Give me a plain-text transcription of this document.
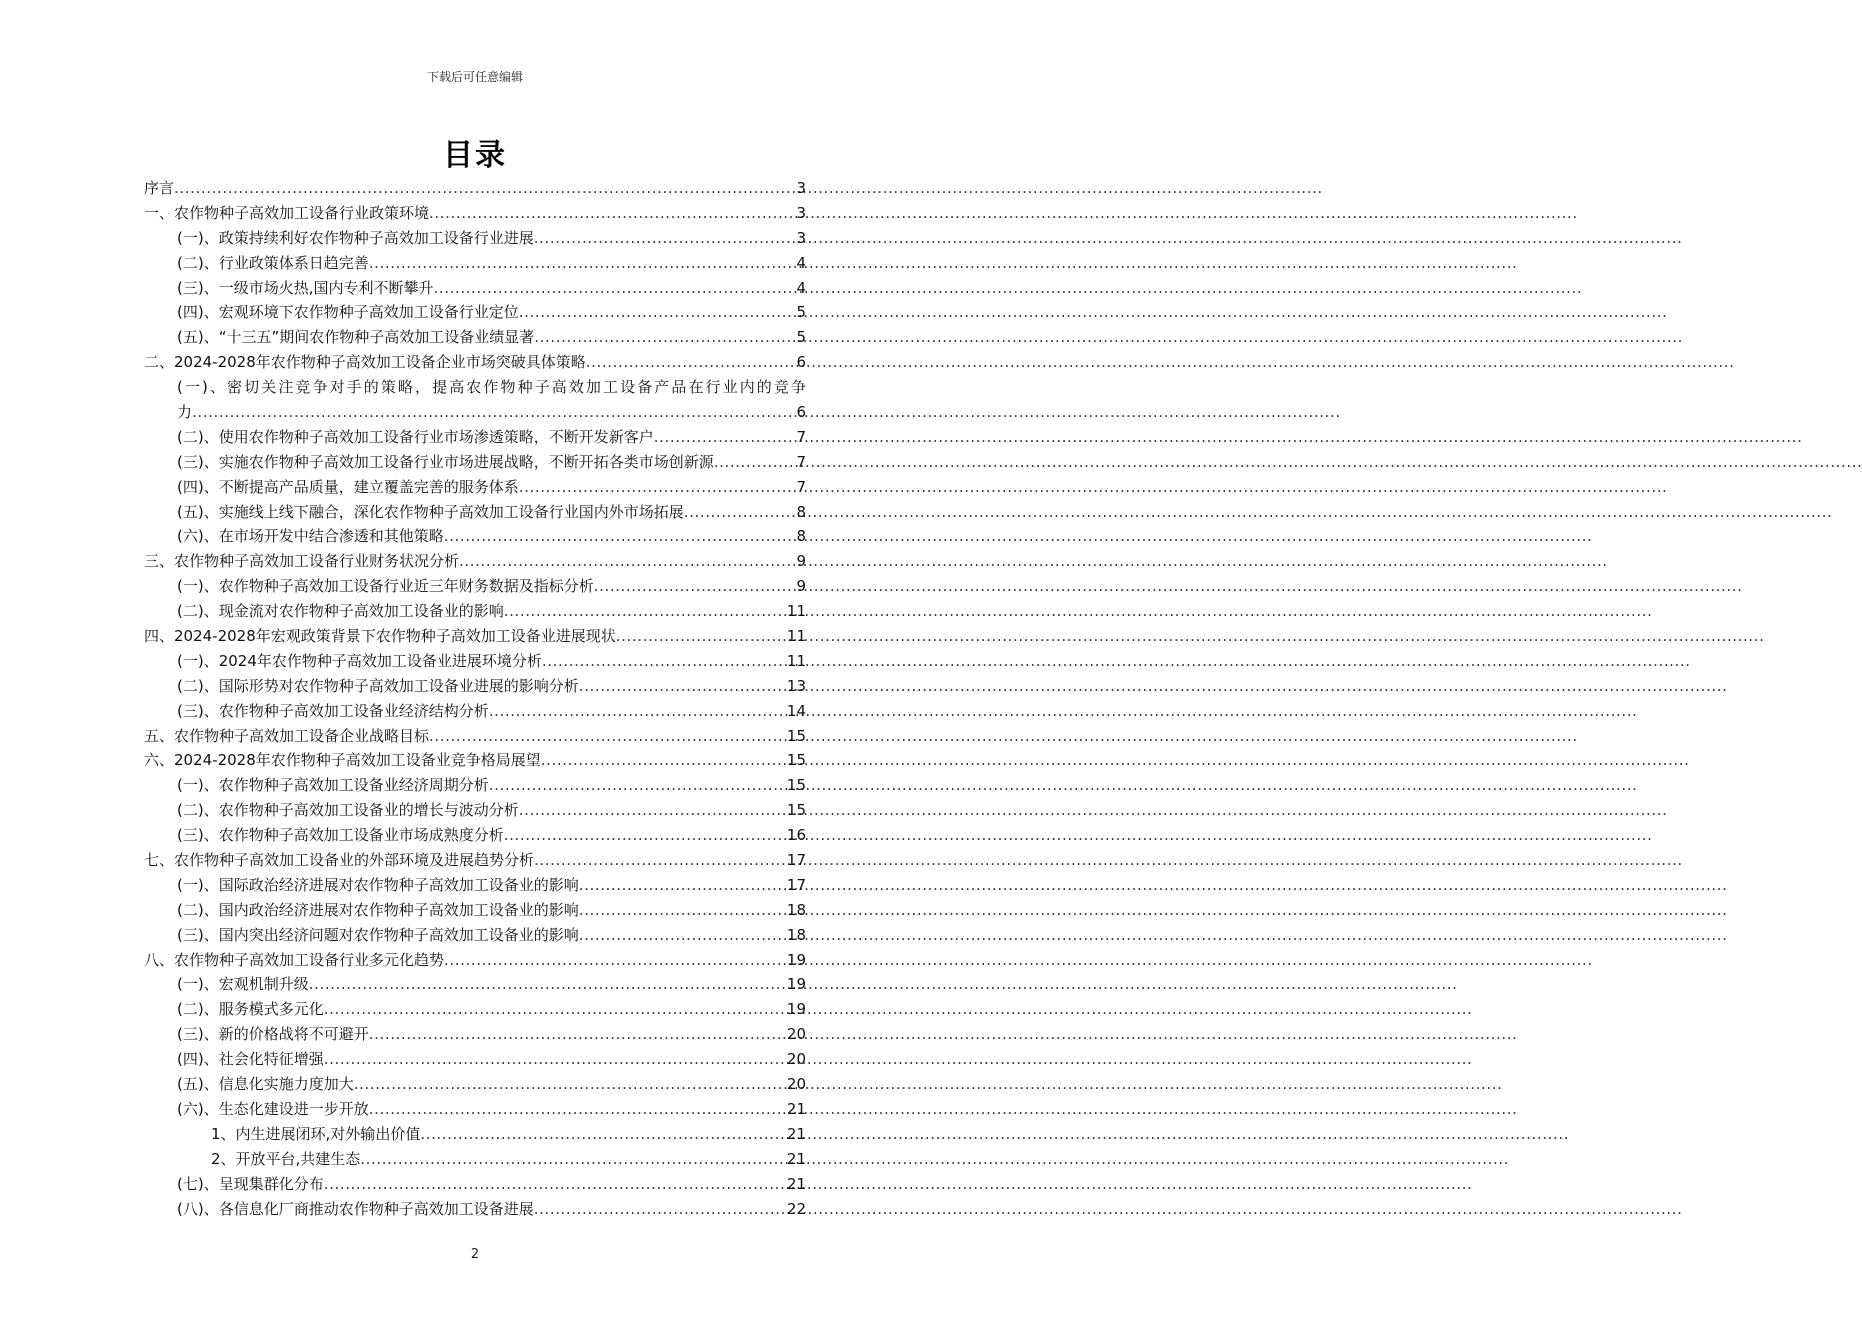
下载后可任意编辑
目录
序言 .....	3
一、农作物种子高效加工设备行业政策环境 .....	3
(一)、政策持续利好农作物种子高效加工设备行业进展 .....	3
(二)、行业政策体系日趋完善 .....	4
(三)、一级市场火热,国内专利不断攀升 .....	4
(四)、宏观环境下农作物种子高效加工设备行业定位 .....	5
(五)、“十三五”期间农作物种子高效加工设备业绩显著 .....	5
二、2024-2028年农作物种子高效加工设备企业市场突破具体策略 .....	6
(一)、密切关注竞争对手的策略，提高农作物种子高效加工设备产品在行业内的竞争
力 .....	6
(二)、使用农作物种子高效加工设备行业市场渗透策略，不断开发新客户 .....	7
(三)、实施农作物种子高效加工设备行业市场进展战略，不断开拓各类市场创新源 .....	7
(四)、不断提高产品质量，建立覆盖完善的服务体系 .....	7
(五)、实施线上线下融合，深化农作物种子高效加工设备行业国内外市场拓展 .....	8
(六)、在市场开发中结合渗透和其他策略 .....	8
三、农作物种子高效加工设备行业财务状况分析 .....	9
(一)、农作物种子高效加工设备行业近三年财务数据及指标分析 .....	9
(二)、现金流对农作物种子高效加工设备业的影响 .....	11
四、2024-2028年宏观政策背景下农作物种子高效加工设备业进展现状 .....	11
(一)、2024年农作物种子高效加工设备业进展环境分析 .....	11
(二)、国际形势对农作物种子高效加工设备业进展的影响分析 .....	13
(三)、农作物种子高效加工设备业经济结构分析 .....	14
五、农作物种子高效加工设备企业战略目标 .....	15
六、2024-2028年农作物种子高效加工设备业竞争格局展望 .....	15
(一)、农作物种子高效加工设备业经济周期分析 .....	15
(二)、农作物种子高效加工设备业的增长与波动分析 .....	15
(三)、农作物种子高效加工设备业市场成熟度分析 .....	16
七、农作物种子高效加工设备业的外部环境及进展趋势分析 .....	17
(一)、国际政治经济进展对农作物种子高效加工设备业的影响 .....	17
(二)、国内政治经济进展对农作物种子高效加工设备业的影响 .....	18
(三)、国内突出经济问题对农作物种子高效加工设备业的影响 .....	18
八、农作物种子高效加工设备行业多元化趋势 .....	19
(一)、宏观机制升级 .....	19
(二)、服务模式多元化 .....	19
(三)、新的价格战将不可避开 .....	20
(四)、社会化特征增强 .....	20
(五)、信息化实施力度加大 .....	20
(六)、生态化建设进一步开放 .....	21
1、内生进展闭环,对外输出价值 .....	21
2、开放平台,共建生态 .....	21
(七)、呈现集群化分布 .....	21
(八)、各信息化厂商推动农作物种子高效加工设备进展 .....	22
2
